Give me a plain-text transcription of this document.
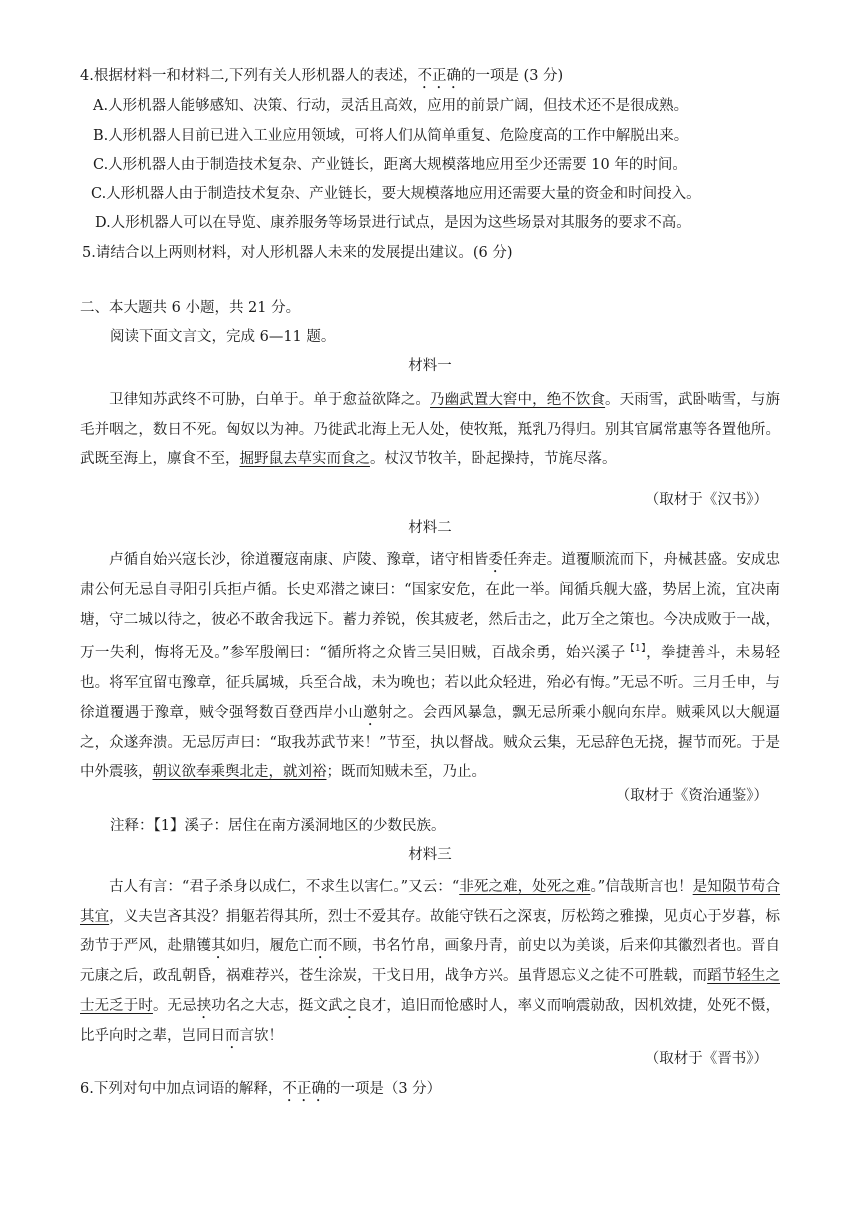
4.根据材料一和材料二,下列有关人形机器人的表述，不正确的一项是 (3 分)
A.人形机器人能够感知、决策、行动，灵活且高效，应用的前景广阔，但技术还不是很成熟。
B.人形机器人目前已进入工业应用领域，可将人们从简单重复、危险度高的工作中解脱出来。
C.人形机器人由于制造技术复杂、产业链长，距离大规模落地应用至少还需要 10 年的时间。
C.人形机器人由于制造技术复杂、产业链长，要大规模落地应用还需要大量的资金和时间投入。
D.人形机器人可以在导览、康养服务等场景进行试点，是因为这些场景对其服务的要求不高。
5.请结合以上两则材料，对人形机器人未来的发展提出建议。(6 分)
二、本大题共 6 小题，共 21 分。
阅读下面文言文，完成 6—11 题。
材料一
卫律知苏武终不可胁，白单于。单于愈益欲降之。乃幽武置大窖中，绝不饮食。天雨雪，武卧啮雪，与旃毛并咽之，数日不死。匈奴以为神。乃徙武北海上无人处，使牧羝，羝乳乃得归。别其官属常惠等各置他所。武既至海上，廪食不至，掘野鼠去草实而食之。杖汉节牧羊，卧起操持，节旄尽落。
（取材于《汉书》）
材料二
卢循自始兴寇长沙，徐道覆寇南康、庐陵、豫章，诸守相皆委任奔走。道覆顺流而下，舟械甚盛。安成忠肃公何无忌自寻阳引兵拒卢循。长史邓潜之谏曰：“国家安危，在此一举。闻循兵舰大盛，势居上流，宜决南塘，守二城以待之，彼必不敢舍我远下。蓄力养锐，俟其疲老，然后击之，此万全之策也。今决成败于一战，万一失利，悔将无及。”参军殷阐曰：“循所将之众皆三吴旧贼，百战余勇，始兴溪子$^{【1】}$，拳捷善斗，未易轻也。将军宜留屯豫章，征兵属城，兵至合战，未为晚也；若以此众轻进，殆必有悔。”无忌不听。三月壬申，与徐道覆遇于豫章，贼令强弩数百登西岸小山邀射之。会西风暴急，飘无忌所乘小舰向东岸。贼乘风以大舰逼之，众遂奔溃。无忌厉声曰：“取我苏武节来！”节至，执以督战。贼众云集，无忌辞色无挠，握节而死。于是中外震骇，朝议欲奉乘舆北走，就刘裕；既而知贼未至，乃止。
（取材于《资治通鉴》）
注释：【1】溪子：居住在南方溪洞地区的少数民族。
材料三
古人有言：“君子杀身以成仁，不求生以害仁。”又云：“非死之难，处死之难。”信哉斯言也！是知陨节苟合其宜，义夫岂吝其没？捐躯若得其所，烈士不爱其存。故能守铁石之深衷，厉松筠之雅操，见贞心于岁暮，标劲节于严风，赴鼎镬其如归，履危亡而不顾，书名竹帛，画象丹青，前史以为美谈，后来仰其徽烈者也。晋自元康之后，政乱朝昏，祸难荐兴，苍生涂炭，干戈日用，战争方兴。虽背恩忘义之徒不可胜载，而蹈节轻生之士无乏于时。无忌挟功名之大志，挺文武之良才，追旧而怆感时人，率义而响震勍敌，因机效捷，处死不慑，比乎向时之辈，岂同日而言欤！
（取材于《晋书》）
6.下列对句中加点词语的解释，不正确的一项是（3 分）
